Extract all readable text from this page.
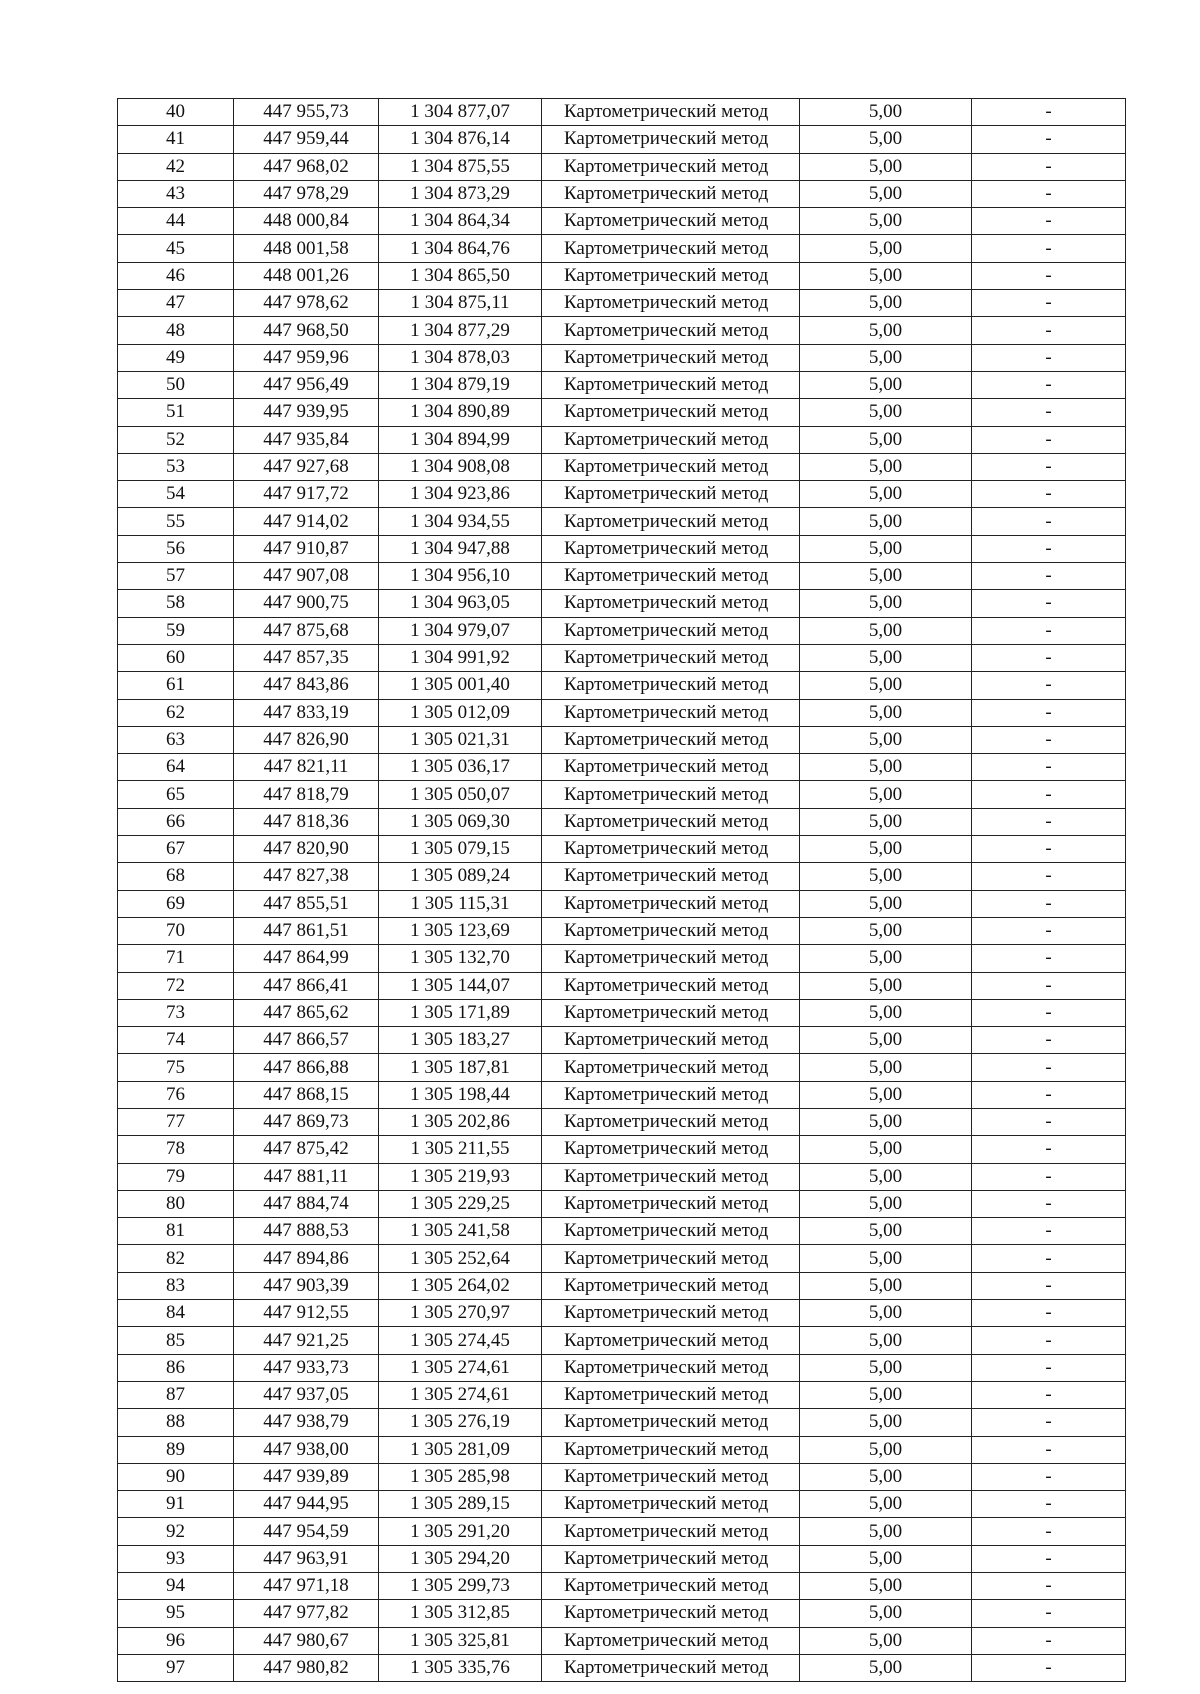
40	447 955,73	1 304 877,07	Картометрический метод	5,00	-
41	447 959,44	1 304 876,14	Картометрический метод	5,00	-
42	447 968,02	1 304 875,55	Картометрический метод	5,00	-
43	447 978,29	1 304 873,29	Картометрический метод	5,00	-
44	448 000,84	1 304 864,34	Картометрический метод	5,00	-
45	448 001,58	1 304 864,76	Картометрический метод	5,00	-
46	448 001,26	1 304 865,50	Картометрический метод	5,00	-
47	447 978,62	1 304 875,11	Картометрический метод	5,00	-
48	447 968,50	1 304 877,29	Картометрический метод	5,00	-
49	447 959,96	1 304 878,03	Картометрический метод	5,00	-
50	447 956,49	1 304 879,19	Картометрический метод	5,00	-
51	447 939,95	1 304 890,89	Картометрический метод	5,00	-
52	447 935,84	1 304 894,99	Картометрический метод	5,00	-
53	447 927,68	1 304 908,08	Картометрический метод	5,00	-
54	447 917,72	1 304 923,86	Картометрический метод	5,00	-
55	447 914,02	1 304 934,55	Картометрический метод	5,00	-
56	447 910,87	1 304 947,88	Картометрический метод	5,00	-
57	447 907,08	1 304 956,10	Картометрический метод	5,00	-
58	447 900,75	1 304 963,05	Картометрический метод	5,00	-
59	447 875,68	1 304 979,07	Картометрический метод	5,00	-
60	447 857,35	1 304 991,92	Картометрический метод	5,00	-
61	447 843,86	1 305 001,40	Картометрический метод	5,00	-
62	447 833,19	1 305 012,09	Картометрический метод	5,00	-
63	447 826,90	1 305 021,31	Картометрический метод	5,00	-
64	447 821,11	1 305 036,17	Картометрический метод	5,00	-
65	447 818,79	1 305 050,07	Картометрический метод	5,00	-
66	447 818,36	1 305 069,30	Картометрический метод	5,00	-
67	447 820,90	1 305 079,15	Картометрический метод	5,00	-
68	447 827,38	1 305 089,24	Картометрический метод	5,00	-
69	447 855,51	1 305 115,31	Картометрический метод	5,00	-
70	447 861,51	1 305 123,69	Картометрический метод	5,00	-
71	447 864,99	1 305 132,70	Картометрический метод	5,00	-
72	447 866,41	1 305 144,07	Картометрический метод	5,00	-
73	447 865,62	1 305 171,89	Картометрический метод	5,00	-
74	447 866,57	1 305 183,27	Картометрический метод	5,00	-
75	447 866,88	1 305 187,81	Картометрический метод	5,00	-
76	447 868,15	1 305 198,44	Картометрический метод	5,00	-
77	447 869,73	1 305 202,86	Картометрический метод	5,00	-
78	447 875,42	1 305 211,55	Картометрический метод	5,00	-
79	447 881,11	1 305 219,93	Картометрический метод	5,00	-
80	447 884,74	1 305 229,25	Картометрический метод	5,00	-
81	447 888,53	1 305 241,58	Картометрический метод	5,00	-
82	447 894,86	1 305 252,64	Картометрический метод	5,00	-
83	447 903,39	1 305 264,02	Картометрический метод	5,00	-
84	447 912,55	1 305 270,97	Картометрический метод	5,00	-
85	447 921,25	1 305 274,45	Картометрический метод	5,00	-
86	447 933,73	1 305 274,61	Картометрический метод	5,00	-
87	447 937,05	1 305 274,61	Картометрический метод	5,00	-
88	447 938,79	1 305 276,19	Картометрический метод	5,00	-
89	447 938,00	1 305 281,09	Картометрический метод	5,00	-
90	447 939,89	1 305 285,98	Картометрический метод	5,00	-
91	447 944,95	1 305 289,15	Картометрический метод	5,00	-
92	447 954,59	1 305 291,20	Картометрический метод	5,00	-
93	447 963,91	1 305 294,20	Картометрический метод	5,00	-
94	447 971,18	1 305 299,73	Картометрический метод	5,00	-
95	447 977,82	1 305 312,85	Картометрический метод	5,00	-
96	447 980,67	1 305 325,81	Картометрический метод	5,00	-
97	447 980,82	1 305 335,76	Картометрический метод	5,00	-
